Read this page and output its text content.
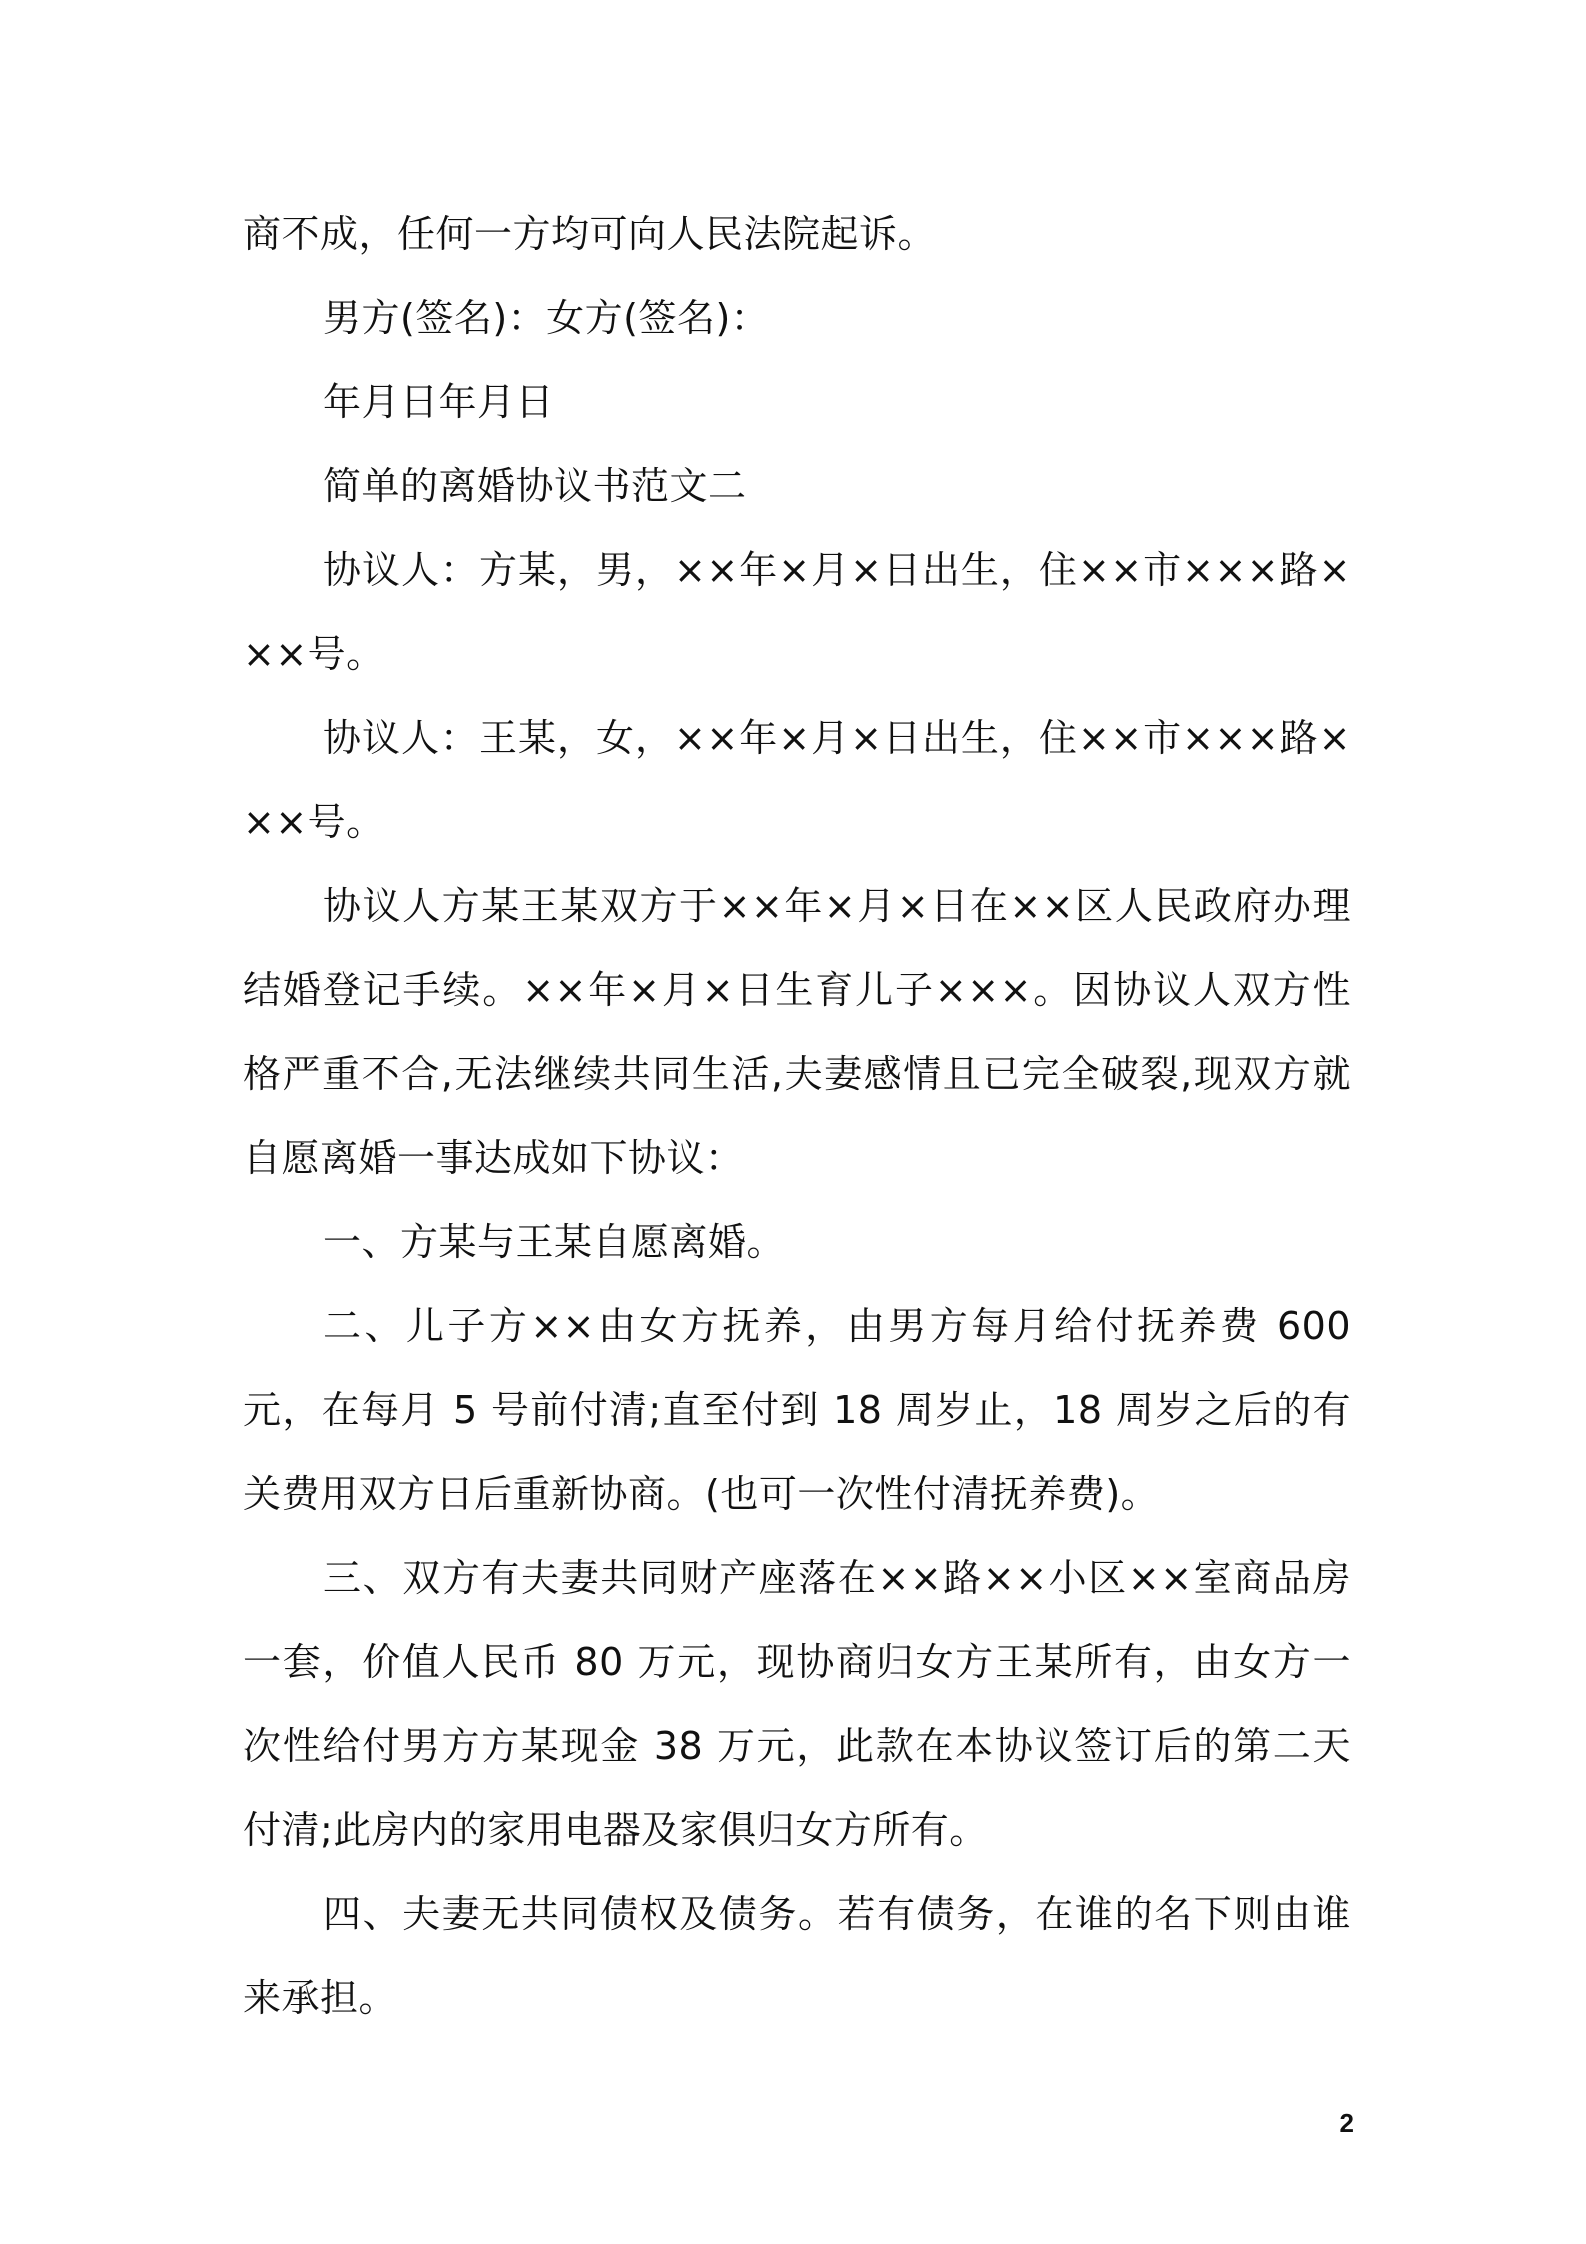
商不成，任何一方均可向人民法院起诉。

男方(签名)：女方(签名)：

年月日年月日

简单的离婚协议书范文二

协议人：方某，男，××年×月×日出生，住××市×××路×××号。

协议人：王某，女，××年×月×日出生，住××市×××路×××号。

协议人方某王某双方于××年×月×日在××区人民政府办理结婚登记手续。××年×月×日生育儿子×××。因协议人双方性格严重不合,无法继续共同生活,夫妻感情且已完全破裂,现双方就自愿离婚一事达成如下协议：

一、方某与王某自愿离婚。

二、儿子方××由女方抚养，由男方每月给付抚养费 600 元，在每月 5 号前付清;直至付到 18 周岁止，18 周岁之后的有关费用双方日后重新协商。(也可一次性付清抚养费)。

三、双方有夫妻共同财产座落在××路××小区××室商品房一套，价值人民币 80 万元，现协商归女方王某所有，由女方一次性给付男方方某现金 38 万元，此款在本协议签订后的第二天付清;此房内的家用电器及家俱归女方所有。

四、夫妻无共同债权及债务。若有债务，在谁的名下则由谁来承担。

2
